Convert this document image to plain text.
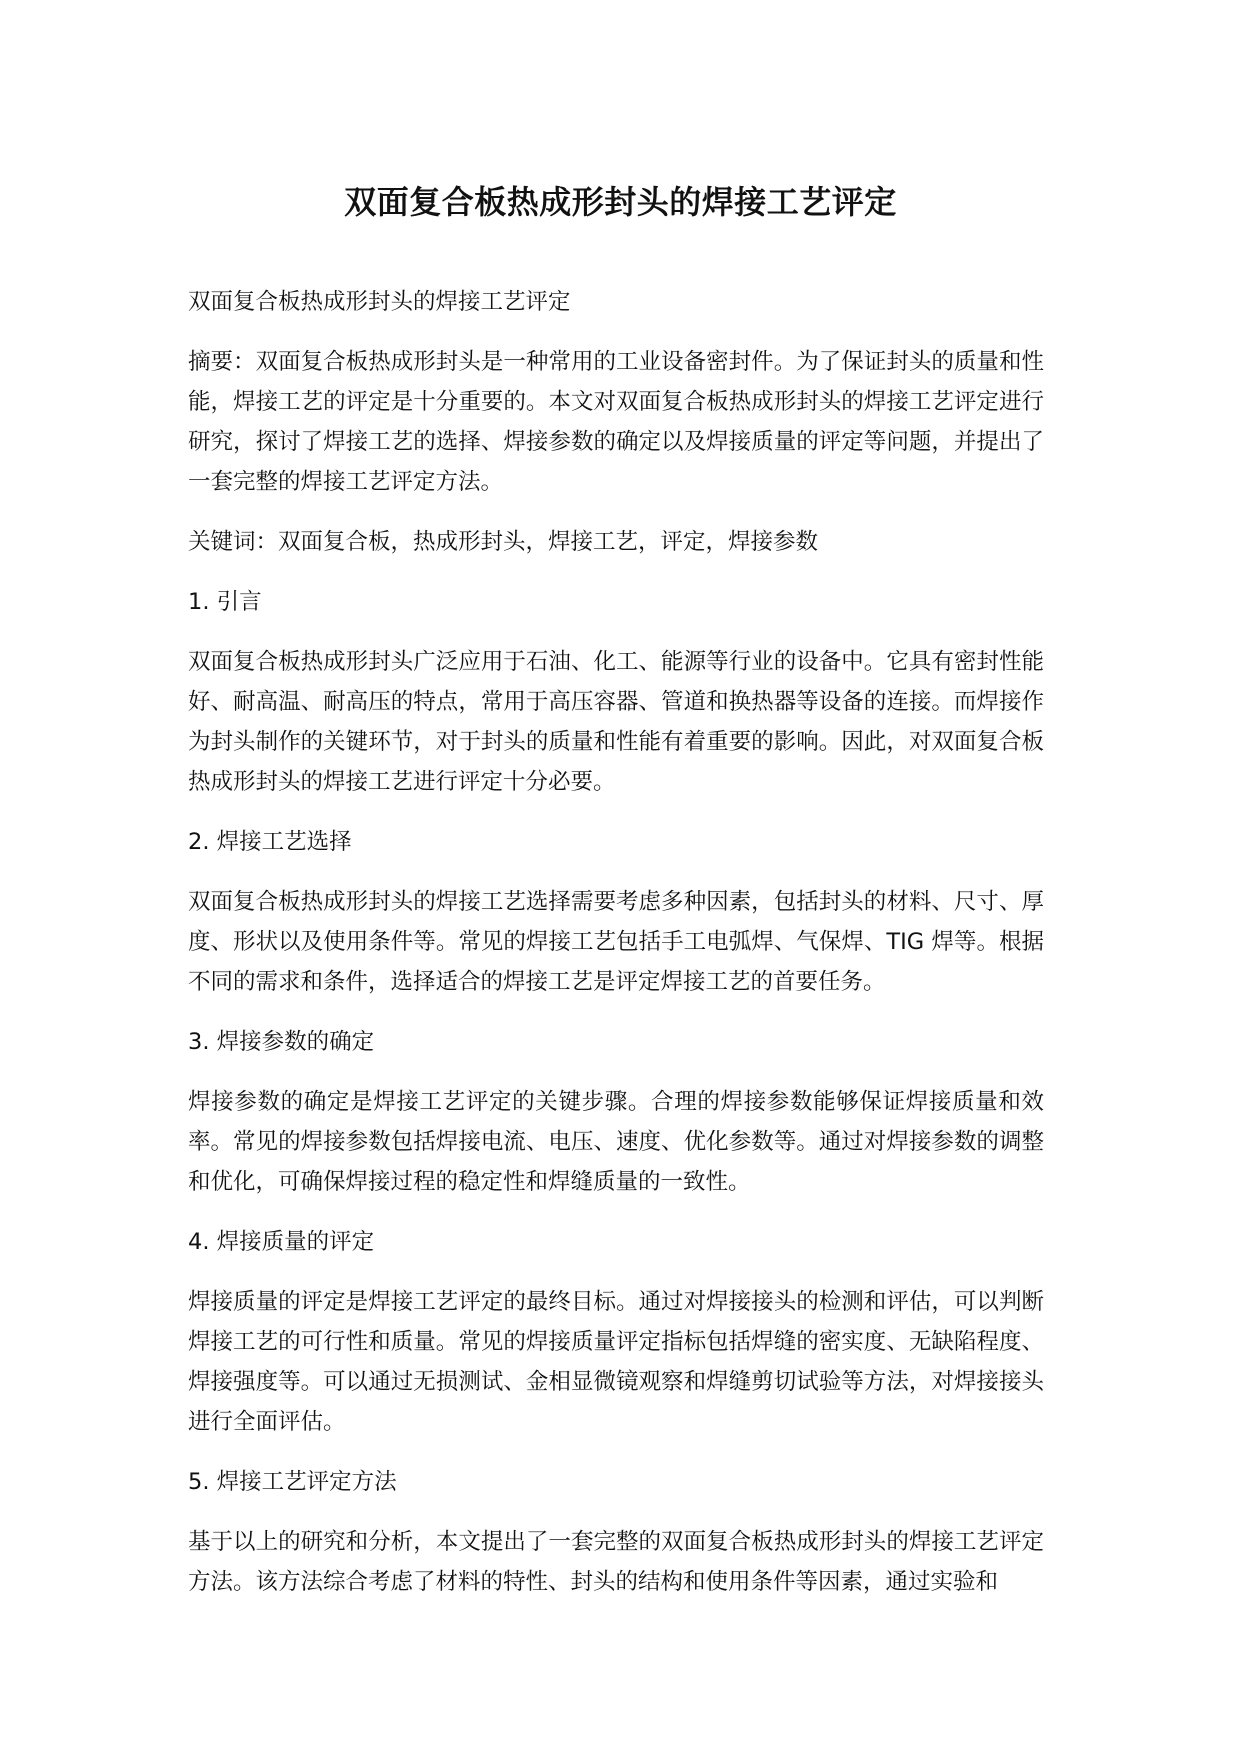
双面复合板热成形封头的焊接工艺评定

双面复合板热成形封头的焊接工艺评定

摘要：双面复合板热成形封头是一种常用的工业设备密封件。为了保证封头的质量和性能，焊接工艺的评定是十分重要的。本文对双面复合板热成形封头的焊接工艺评定进行研究，探讨了焊接工艺的选择、焊接参数的确定以及焊接质量的评定等问题，并提出了一套完整的焊接工艺评定方法。

关键词：双面复合板，热成形封头，焊接工艺，评定，焊接参数

1. 引言

双面复合板热成形封头广泛应用于石油、化工、能源等行业的设备中。它具有密封性能好、耐高温、耐高压的特点，常用于高压容器、管道和换热器等设备的连接。而焊接作为封头制作的关键环节，对于封头的质量和性能有着重要的影响。因此，对双面复合板热成形封头的焊接工艺进行评定十分必要。

2. 焊接工艺选择

双面复合板热成形封头的焊接工艺选择需要考虑多种因素，包括封头的材料、尺寸、厚度、形状以及使用条件等。常见的焊接工艺包括手工电弧焊、气保焊、TIG 焊等。根据不同的需求和条件，选择适合的焊接工艺是评定焊接工艺的首要任务。

3. 焊接参数的确定

焊接参数的确定是焊接工艺评定的关键步骤。合理的焊接参数能够保证焊接质量和效率。常见的焊接参数包括焊接电流、电压、速度、优化参数等。通过对焊接参数的调整和优化，可确保焊接过程的稳定性和焊缝质量的一致性。

4. 焊接质量的评定

焊接质量的评定是焊接工艺评定的最终目标。通过对焊接接头的检测和评估，可以判断焊接工艺的可行性和质量。常见的焊接质量评定指标包括焊缝的密实度、无缺陷程度、焊接强度等。可以通过无损测试、金相显微镜观察和焊缝剪切试验等方法，对焊接接头进行全面评估。

5. 焊接工艺评定方法

基于以上的研究和分析，本文提出了一套完整的双面复合板热成形封头的焊接工艺评定方法。该方法综合考虑了材料的特性、封头的结构和使用条件等因素，通过实验和
